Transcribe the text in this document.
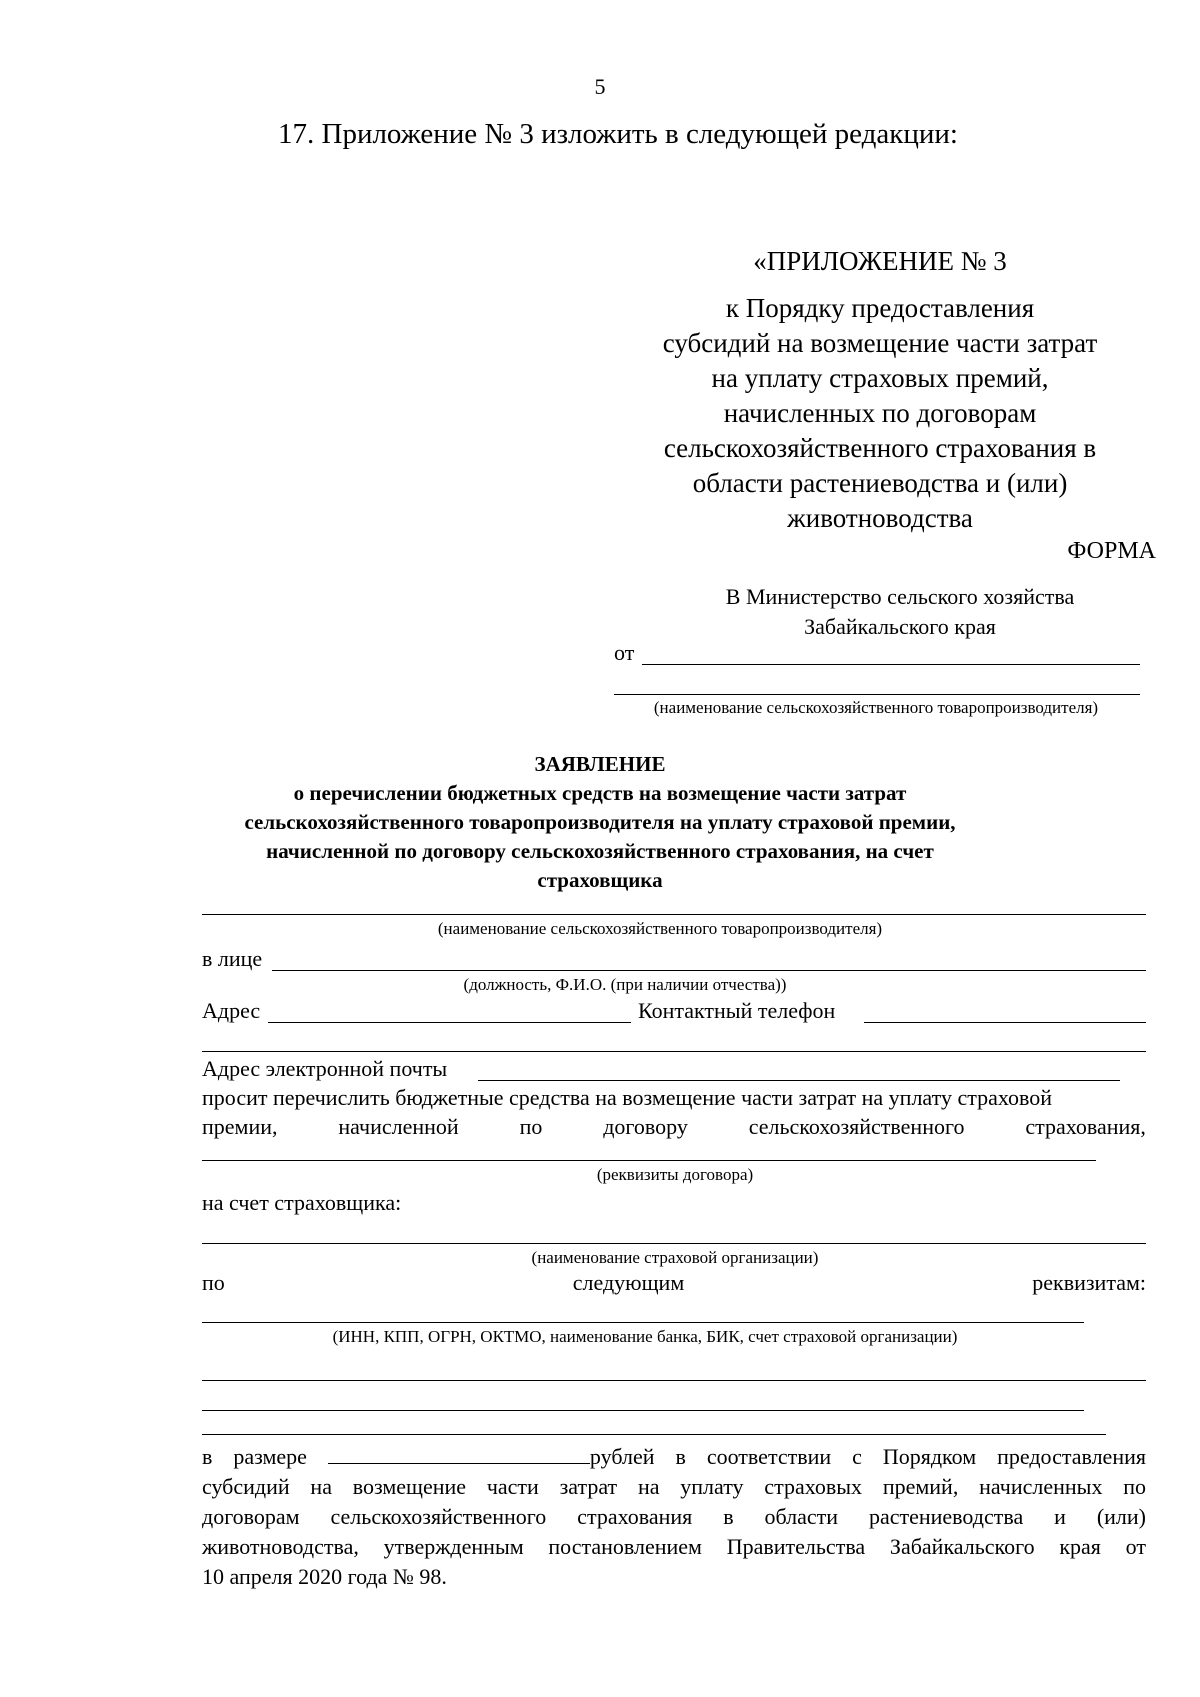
5
17. Приложение № 3 изложить в следующей редакции:
«ПРИЛОЖЕНИЕ № 3
к Порядку предоставления
субсидий на возмещение части затрат
на уплату страховых премий,
начисленных по договорам
сельскохозяйственного страхования в
области растениеводства и (или)
животноводства
ФОРМА
В Министерство сельского хозяйства
Забайкальского края
от
(наименование сельскохозяйственного товаропроизводителя)
ЗАЯВЛЕНИЕ
о перечислении бюджетных средств на возмещение части затрат
сельскохозяйственного товаропроизводителя на уплату страховой премии,
начисленной по договору сельскохозяйственного страхования, на счет
страховщика
(наименование сельскохозяйственного товаропроизводителя)
в лице
(должность, Ф.И.О. (при наличии отчества))
Адрес	Контактный телефон
Адрес электронной почты
просит перечислить бюджетные средства на возмещение части затрат на уплату страховой
премии,	начисленной	по	договору	сельскохозяйственного	страхования,
(реквизиты договора)
на счет страховщика:
(наименование страховой организации)
по	следующим	реквизитам:
(ИНН, КПП, ОГРН, ОКТМО, наименование банка, БИК, счет страховой организации)
в размере	рублей в соответствии с Порядком предоставления
субсидий на возмещение части затрат на уплату страховых премий, начисленных по
договорам сельскохозяйственного страхования в области растениеводства и (или)
животноводства, утвержденным постановлением Правительства Забайкальского края от
10 апреля 2020 года № 98.
